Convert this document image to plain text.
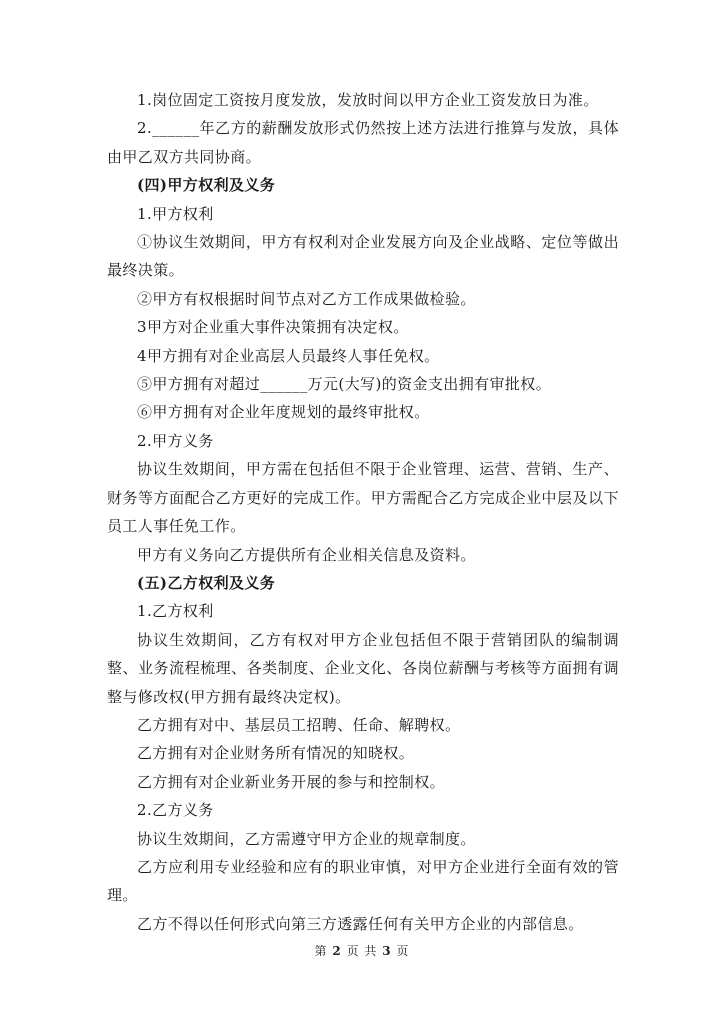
1.岗位固定工资按月度发放，发放时间以甲方企业工资发放日为准。

2.______年乙方的薪酬发放形式仍然按上述方法进行推算与发放，具体由甲乙双方共同协商。

(四)甲方权利及义务

1.甲方权利

①协议生效期间，甲方有权利对企业发展方向及企业战略、定位等做出最终决策。

②甲方有权根据时间节点对乙方工作成果做检验。

3甲方对企业重大事件决策拥有决定权。

4甲方拥有对企业高层人员最终人事任免权。

⑤甲方拥有对超过______万元(大写)的资金支出拥有审批权。

⑥甲方拥有对企业年度规划的最终审批权。

2.甲方义务

协议生效期间，甲方需在包括但不限于企业管理、运营、营销、生产、财务等方面配合乙方更好的完成工作。甲方需配合乙方完成企业中层及以下员工人事任免工作。

甲方有义务向乙方提供所有企业相关信息及资料。

(五)乙方权利及义务

1.乙方权利

协议生效期间，乙方有权对甲方企业包括但不限于营销团队的编制调整、业务流程梳理、各类制度、企业文化、各岗位薪酬与考核等方面拥有调整与修改权(甲方拥有最终决定权)。

乙方拥有对中、基层员工招聘、任命、解聘权。

乙方拥有对企业财务所有情况的知晓权。

乙方拥有对企业新业务开展的参与和控制权。

2.乙方义务

协议生效期间，乙方需遵守甲方企业的规章制度。

乙方应利用专业经验和应有的职业审慎，对甲方企业进行全面有效的管理。

乙方不得以任何形式向第三方透露任何有关甲方企业的内部信息。

第 2 页 共 3 页
